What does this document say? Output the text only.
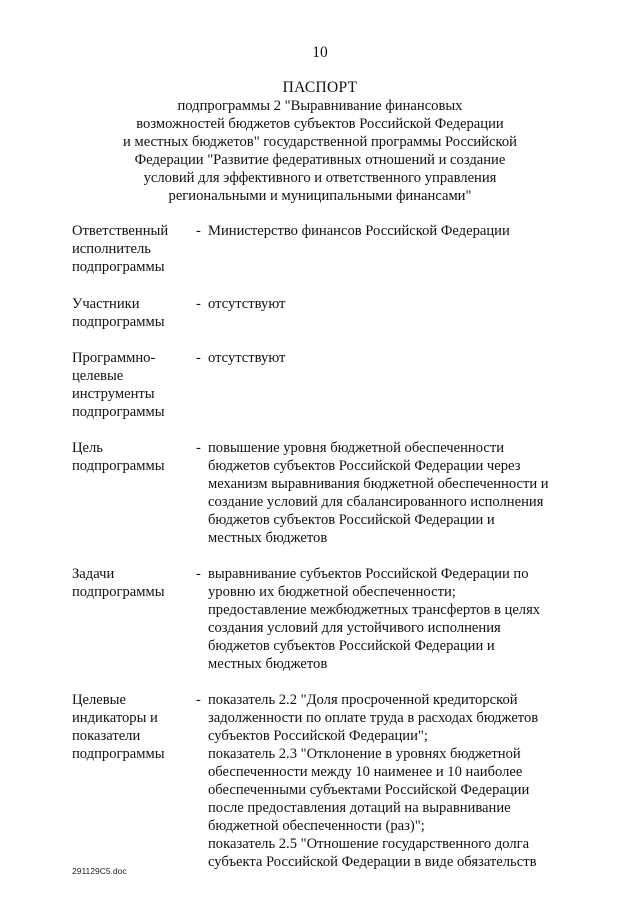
10
ПАСПОРТ
подпрограммы 2 "Выравнивание финансовых
возможностей бюджетов субъектов Российской Федерации
и местных бюджетов" государственной программы Российской
Федерации "Развитие федеративных отношений и создание
условий для эффективного и ответственного управления
региональными и муниципальными финансами"
Ответственный
исполнитель
подпрограммы
- Министерство финансов Российской Федерации
Участники
подпрограммы
- отсутствуют
Программно-
целевые
инструменты
подпрограммы
- отсутствуют
Цель
подпрограммы
- повышение уровня бюджетной обеспеченности
бюджетов субъектов Российской Федерации через
механизм выравнивания бюджетной обеспеченности и
создание условий для сбалансированного исполнения
бюджетов субъектов Российской Федерации и
местных бюджетов
Задачи
подпрограммы
- выравнивание субъектов Российской Федерации по
уровню их бюджетной обеспеченности;
предоставление межбюджетных трансфертов в целях
создания условий для устойчивого исполнения
бюджетов субъектов Российской Федерации и
местных бюджетов
Целевые
индикаторы и
показатели
подпрограммы
- показатель 2.2 "Доля просроченной кредиторской
задолженности по оплате труда в расходах бюджетов
субъектов Российской Федерации";
показатель 2.3 "Отклонение в уровнях бюджетной
обеспеченности между 10 наименее и 10 наиболее
обеспеченными субъектами Российской Федерации
после предоставления дотаций на выравнивание
бюджетной обеспеченности (раз)";
показатель 2.5 "Отношение государственного долга
субъекта Российской Федерации в виде обязательств
291129C5.doc
